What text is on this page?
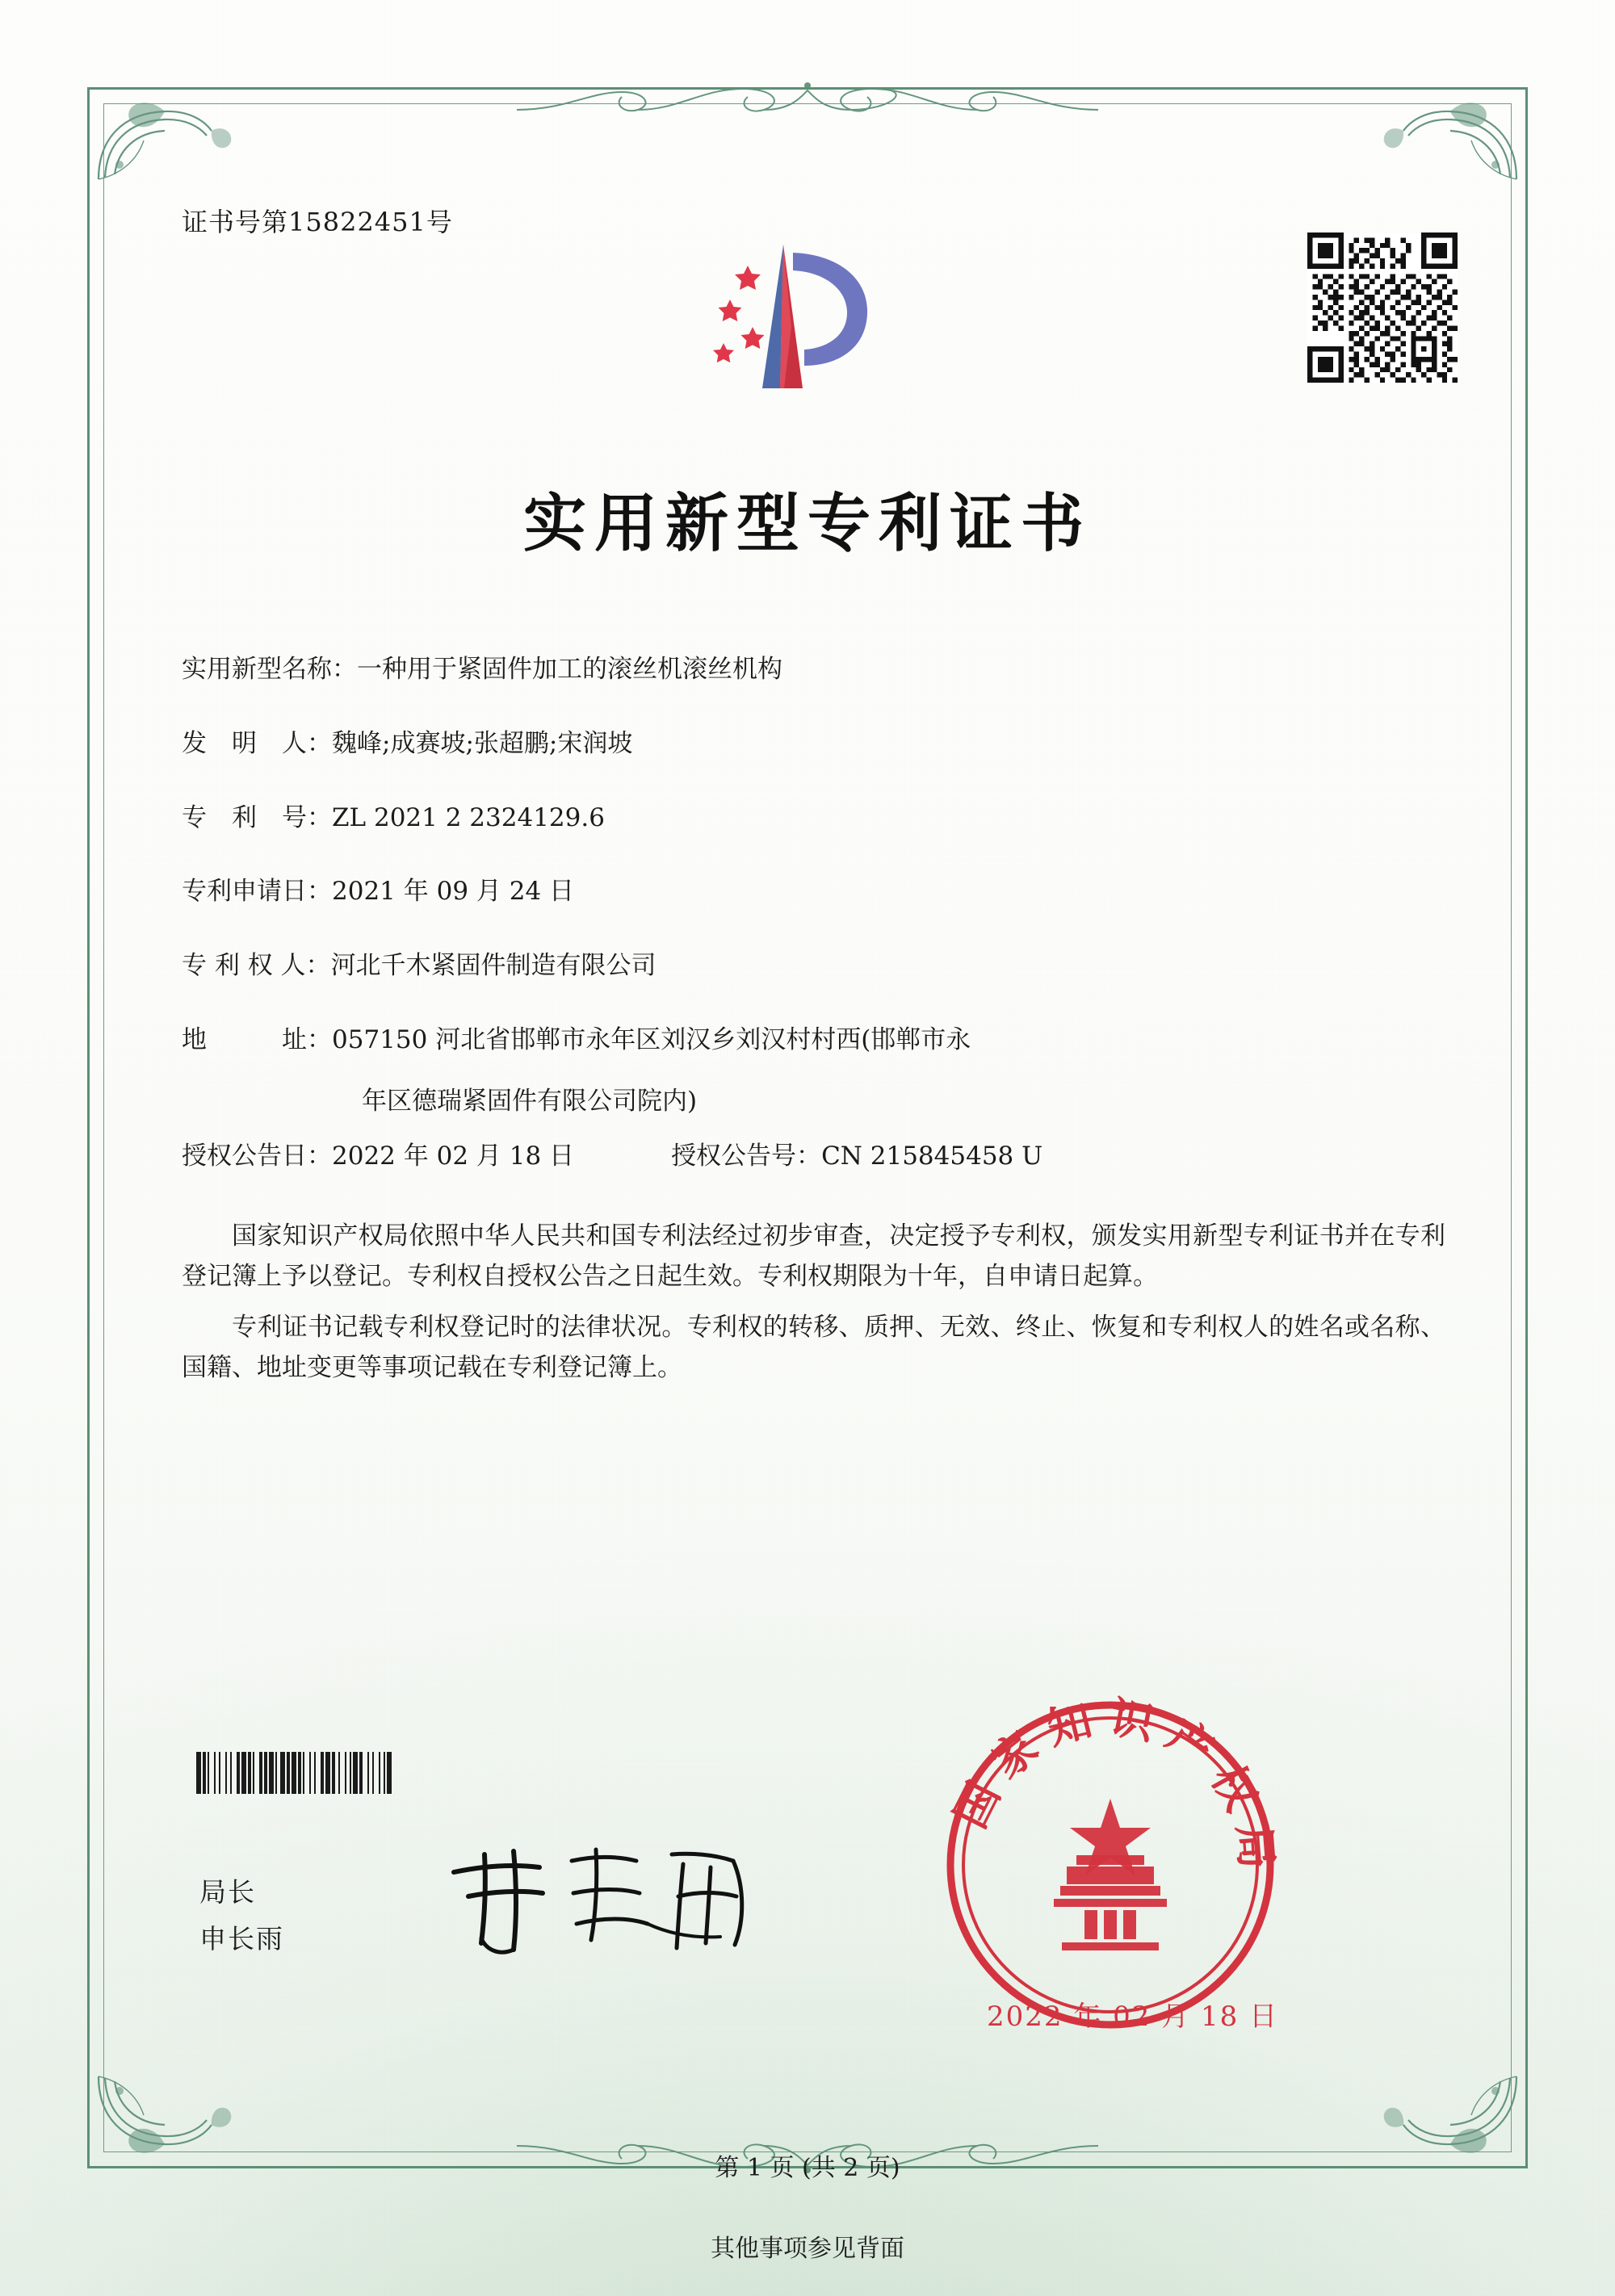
证书号第15822451号
实用新型专利证书
实用新型名称： 一种用于紧固件加工的滚丝机滚丝机构
发　明　人： 魏峰;成赛坡;张超鹏;宋润坡
专　利　号： ZL 2021 2 2324129.6
专利申请日： 2021 年 09 月 24 日
专 利 权 人： 河北千木紧固件制造有限公司
地　　　址： 057150 河北省邯郸市永年区刘汉乡刘汉村村西(邯郸市永
年区德瑞紧固件有限公司院内)
授权公告日： 2022 年 02 月 18 日	授权公告号： CN 215845458 U

国家知识产权局依照中华人民共和国专利法经过初步审查，决定授予专利权，颁发实用新型专利证书并在专利登记簿上予以登记。专利权自授权公告之日起生效。专利权期限为十年，自申请日起算。

专利证书记载专利权登记时的法律状况。专利权的转移、质押、无效、终止、恢复和专利权人的姓名或名称、国籍、地址变更等事项记载在专利登记簿上。

局长
申长雨
国家知识产权局
2022 年 02 月 18 日
第 1 页 (共 2 页)
其他事项参见背面
